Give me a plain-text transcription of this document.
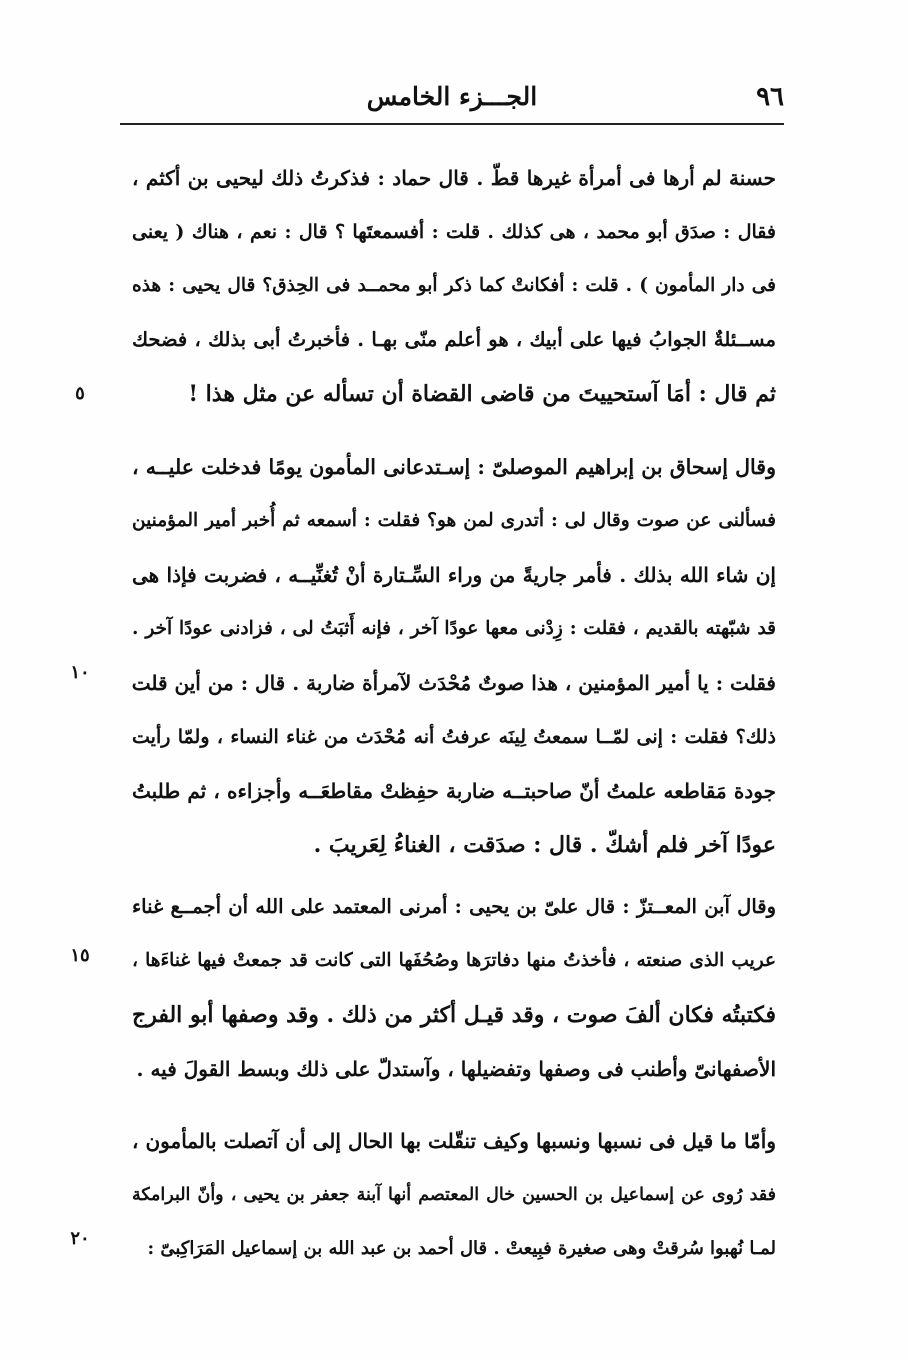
٩٦
الجـــزء الخامس
حسنة لم أرها فى أمرأة غيرها قطّ . قال حماد : فذكرتُ ذلك ليحيى بن أكثم ،
فقال : صدَق أبو محمد ، هى كذلك . قلت : أفسمعتَها ؟ قال : نعم ، هناك ( يعنى
فى دار المأمون ) . قلت : أفكانتْ كما ذكر أبو محمــد فى الحِذق؟ قال يحيى : هذه
مســئلةٌ الجوابُ فيها على أبيك ، هو أعلم منّى بهـا . فأخبرتُ أبى بذلك ، فضحك
ثم قال : أمَا آستحييتَ من قاضى القضاة أن تسأله عن مثل هذا !
وقال إسحاق بن إبراهيم الموصلىّ : إسـتدعانى المأمون يومًا فدخلت عليــه ،
فسألنى عن صوت وقال لى : أتدرى لمن هو؟ فقلت : أسمعه ثم أُخبر أمير المؤمنين
إن شاء الله بذلك . فأمر جاريةً من وراء السِّـتارة أنْ تُغنِّيــه ، فضربت فإذا هى
قد شبّهته بالقديم ، فقلت : زِدْنى معها عودًا آخر ، فإنه أَثبَتُ لى ، فزادنى عودًا آخر .
فقلت : يا أمير المؤمنين ، هذا صوتٌ مُحْدَث لآمرأة ضاربة . قال : من أين قلت
ذلك؟ فقلت : إنى لمّــا سمعتُ لِينَه عرفتُ أنه مُحْدَث من غناء النساء ، ولمّا رأيت
جودة مَقاطعه علمتُ أنّ صاحبتــه ضاربة حفِظتْ مقاطعَــه وأجزاءه ، ثم طلبتُ
عودًا آخر فلم أشكّ . قال : صدَقت ، الغناءُ لِعَريبَ .
وقال آبن المعــتزّ : قال علىّ بن يحيى : أمرنى المعتمد على الله أن أجمــع غناء
عريب الذى صنعته ، فأخذتُ منها دفاترَها وصُحُفَها التى كانت قد جمعتْ فيها غناءَها ،
فكتبتُه فكان ألفَ صوت ، وقد قيـل أكثر من ذلك . وقد وصفها أبو الفرج
الأصفهانىّ وأطنب فى وصفها وتفضيلها ، وآستدلّ على ذلك وبسط القولَ فيه .
وأمّا ما قيل فى نسبها ونسبها وكيف تنقّلت بها الحال إلى أن آتصلت بالمأمون ،
فقد رُوى عن إسماعيل بن الحسين خال المعتصم أنها آبنة جعفر بن يحيى ، وأنّ البرامكة
لمـا نُهبوا سُرقتْ وهى صغيرة فبِيعتْ . قال أحمد بن عبد الله بن إسماعيل المَرَاكِبىّ :
٥
١٠
١٥
٢٠
